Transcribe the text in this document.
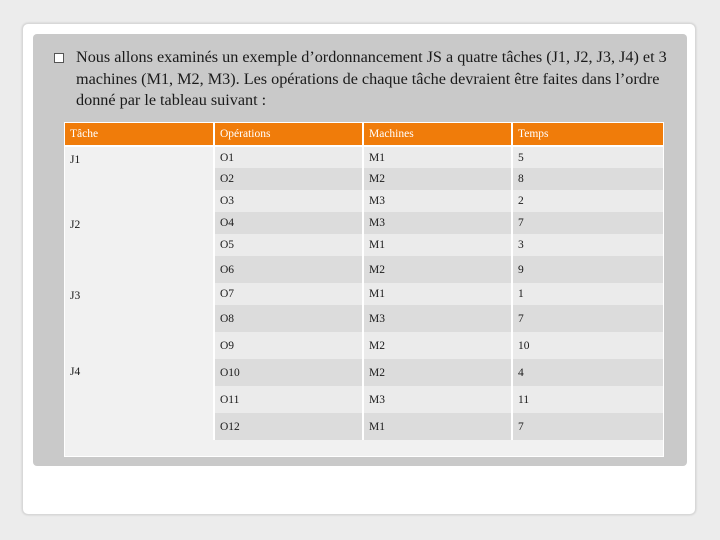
Nous allons examinés un exemple d’ordonnancement JS a quatre tâches (J1, J2, J3, J4) et 3 machines (M1, M2, M3). Les opérations de chaque tâche devraient être faites dans l’ordre donné par le tableau suivant :
Tâche	Opérations	Machines	Temps
J1	O1	M1	5
	O2	M2	8
	O3	M3	2
J2	O4	M3	7
	O5	M1	3
	O6	M2	9
J3	O7	M1	1
	O8	M3	7
	O9	M2	10
J4	O10	M2	4
	O11	M3	11
	O12	M1	7
